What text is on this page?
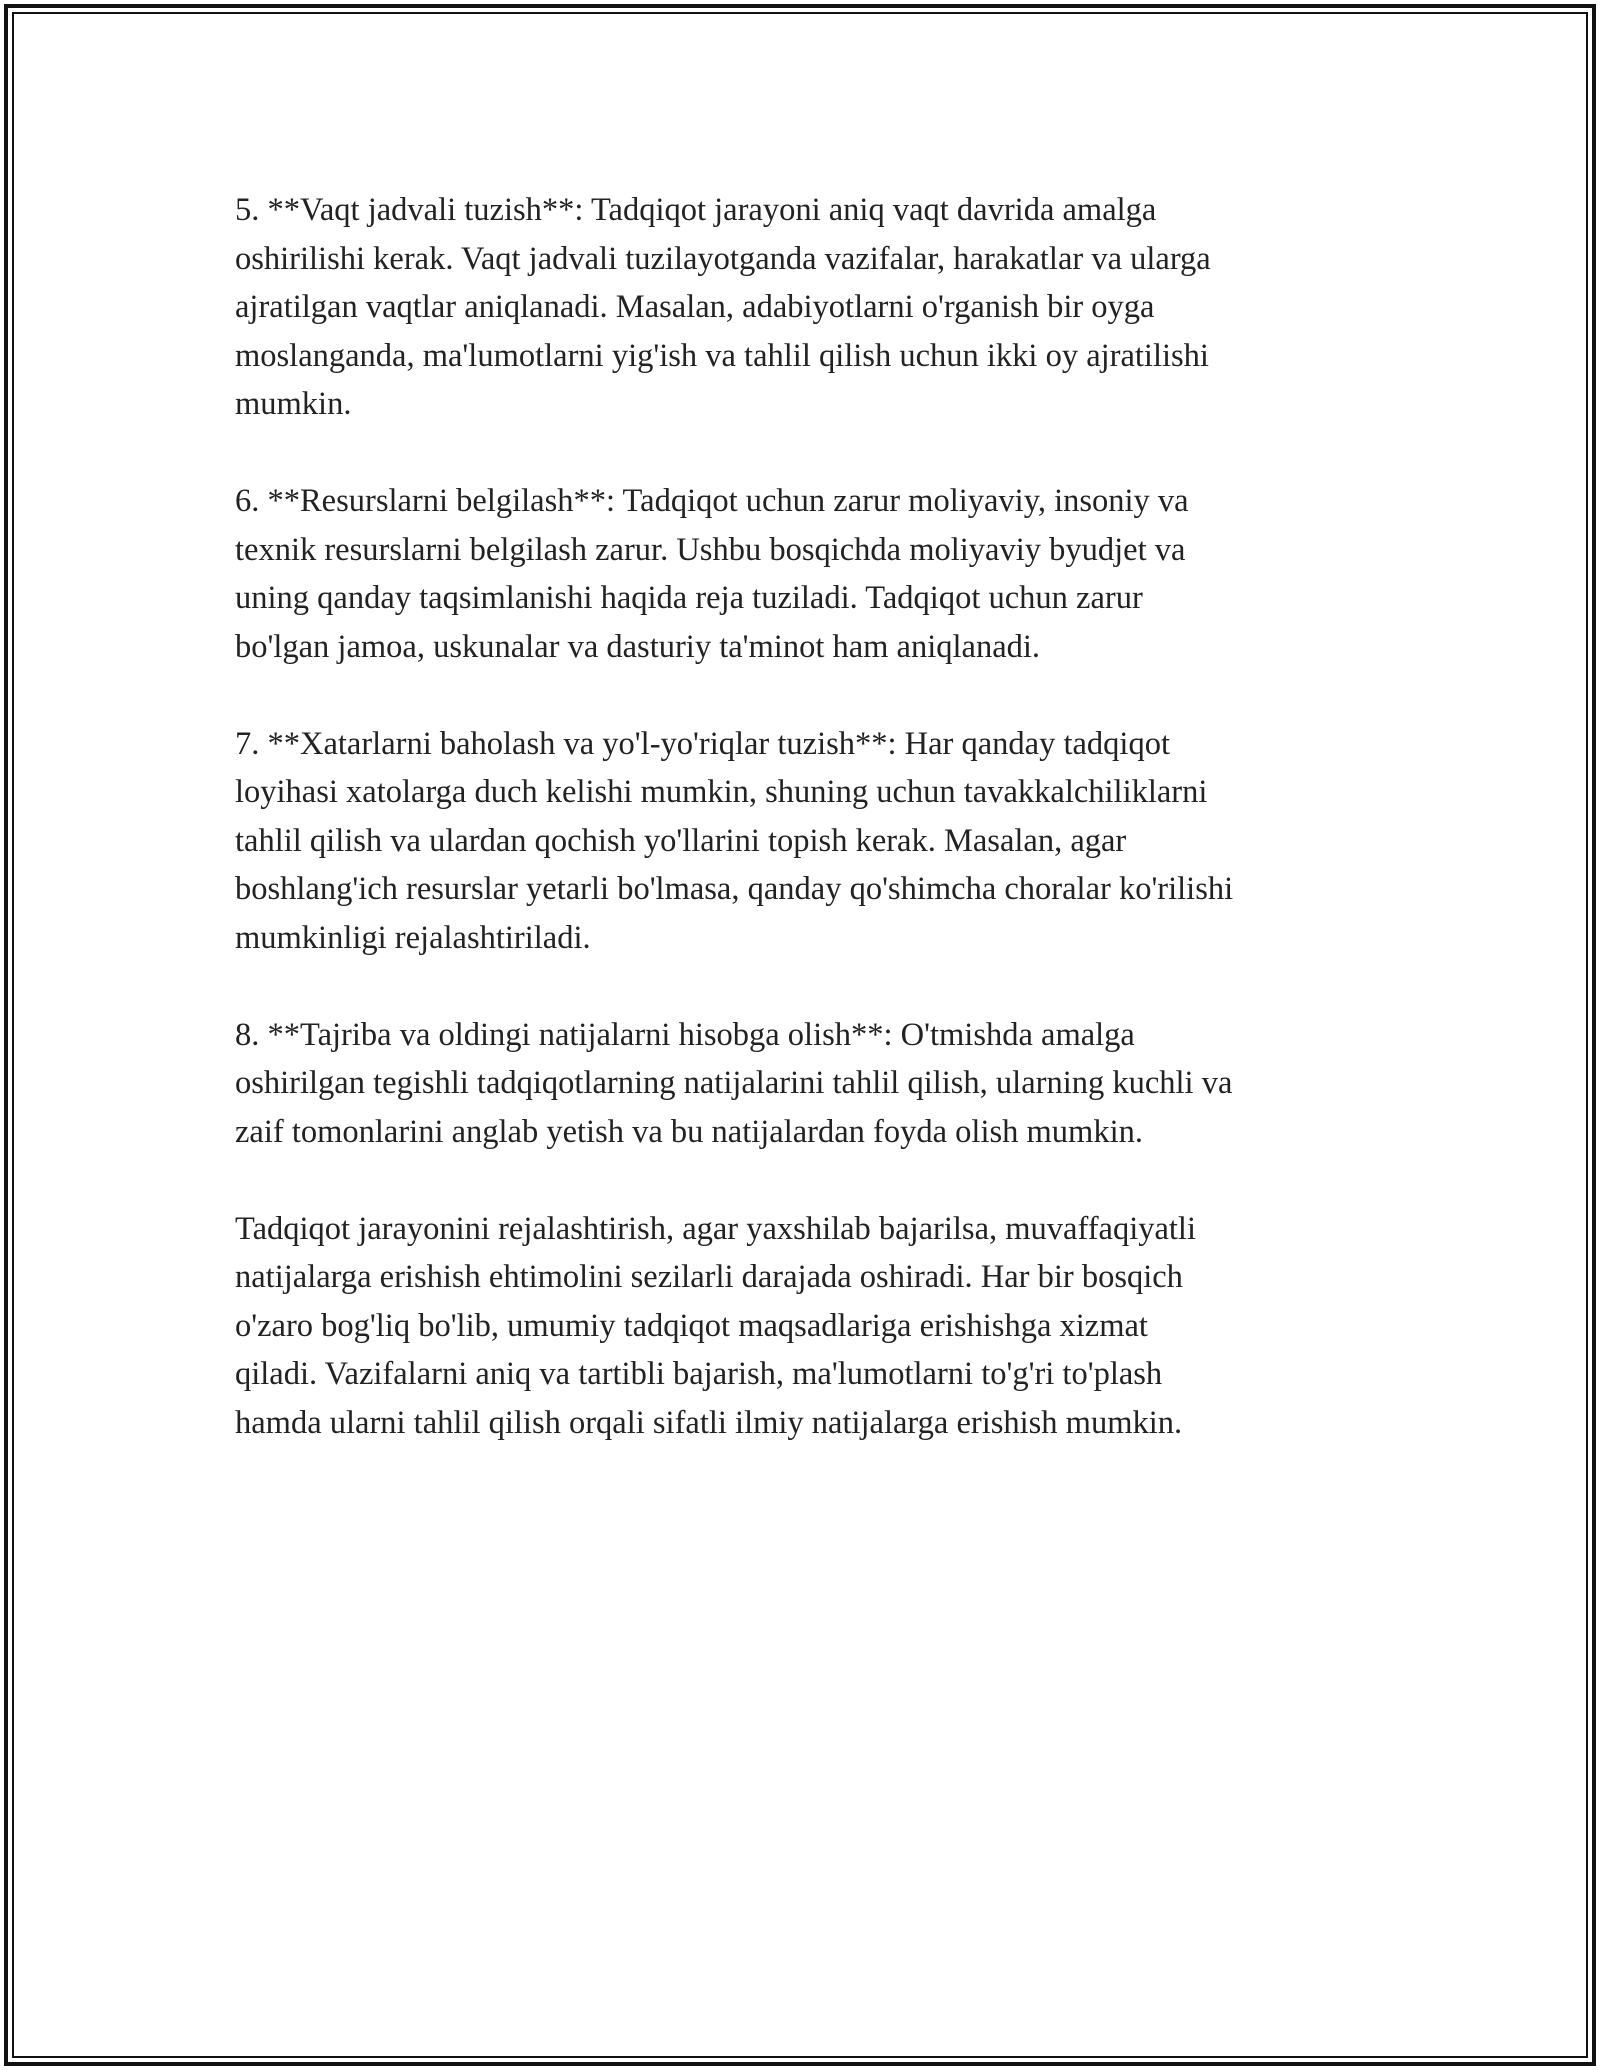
5. **Vaqt jadvali tuzish**: Tadqiqot jarayoni aniq vaqt davrida amalga
oshirilishi kerak. Vaqt jadvali tuzilayotganda vazifalar, harakatlar va ularga
ajratilgan vaqtlar aniqlanadi. Masalan, adabiyotlarni o'rganish bir oyga
moslanganda, ma'lumotlarni yig'ish va tahlil qilish uchun ikki oy ajratilishi
mumkin.

6. **Resurslarni belgilash**: Tadqiqot uchun zarur moliyaviy, insoniy va
texnik resurslarni belgilash zarur. Ushbu bosqichda moliyaviy byudjet va
uning qanday taqsimlanishi haqida reja tuziladi. Tadqiqot uchun zarur
bo'lgan jamoa, uskunalar va dasturiy ta'minot ham aniqlanadi.

7. **Xatarlarni baholash va yo'l-yo'riqlar tuzish**: Har qanday tadqiqot
loyihasi xatolarga duch kelishi mumkin, shuning uchun tavakkalchiliklarni
tahlil qilish va ulardan qochish yo'llarini topish kerak. Masalan, agar
boshlang'ich resurslar yetarli bo'lmasa, qanday qo'shimcha choralar ko'rilishi
mumkinligi rejalashtiriladi.

8. **Tajriba va oldingi natijalarni hisobga olish**: O'tmishda amalga
oshirilgan tegishli tadqiqotlarning natijalarini tahlil qilish, ularning kuchli va
zaif tomonlarini anglab yetish va bu natijalardan foyda olish mumkin.

Tadqiqot jarayonini rejalashtirish, agar yaxshilab bajarilsa, muvaffaqiyatli
natijalarga erishish ehtimolini sezilarli darajada oshiradi. Har bir bosqich
o'zaro bog'liq bo'lib, umumiy tadqiqot maqsadlariga erishishga xizmat
qiladi. Vazifalarni aniq va tartibli bajarish, ma'lumotlarni to'g'ri to'plash
hamda ularni tahlil qilish orqali sifatli ilmiy natijalarga erishish mumkin.
